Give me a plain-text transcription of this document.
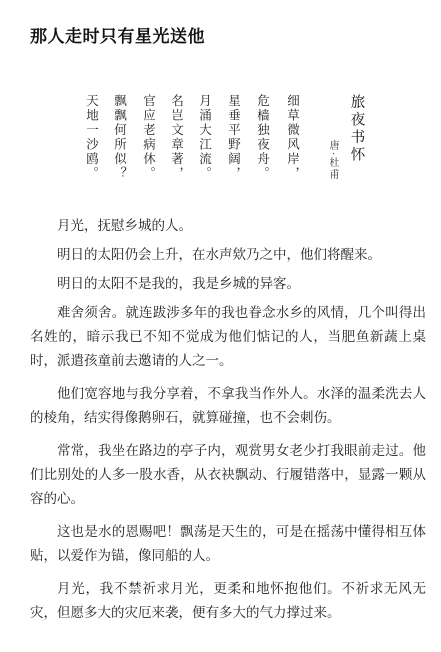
那人走时只有星光送他
旅夜书怀
唐·杜甫
细草微风岸，
危樯独夜舟。
星垂平野阔，
月涌大江流。
名岂文章著，
官应老病休。
飘飘何所似？
天地一沙鸥。

月光，抚慰乡城的人。

明日的太阳仍会上升，在水声欸乃之中，他们将醒来。

明日的太阳不是我的，我是乡城的异客。

难舍须舍。就连跋涉多年的我也眷念水乡的风情，几个叫得出名姓的，暗示我已不知不觉成为他们惦记的人，当肥鱼新蔬上桌时，派遣孩童前去邀请的人之一。

他们宽容地与我分享着，不拿我当作外人。水泽的温柔洗去人的棱角，结实得像鹅卵石，就算碰撞，也不会刺伤。

常常，我坐在路边的亭子内，观赏男女老少打我眼前走过。他们比别处的人多一股水香，从衣袂飘动、行履错落中，显露一颗从容的心。

这也是水的恩赐吧！飘荡是天生的，可是在摇荡中懂得相互体贴，以爱作为锚，像同船的人。

月光，我不禁祈求月光，更柔和地怀抱他们。不祈求无风无灾，但愿多大的灾厄来袭，便有多大的气力撑过来。
